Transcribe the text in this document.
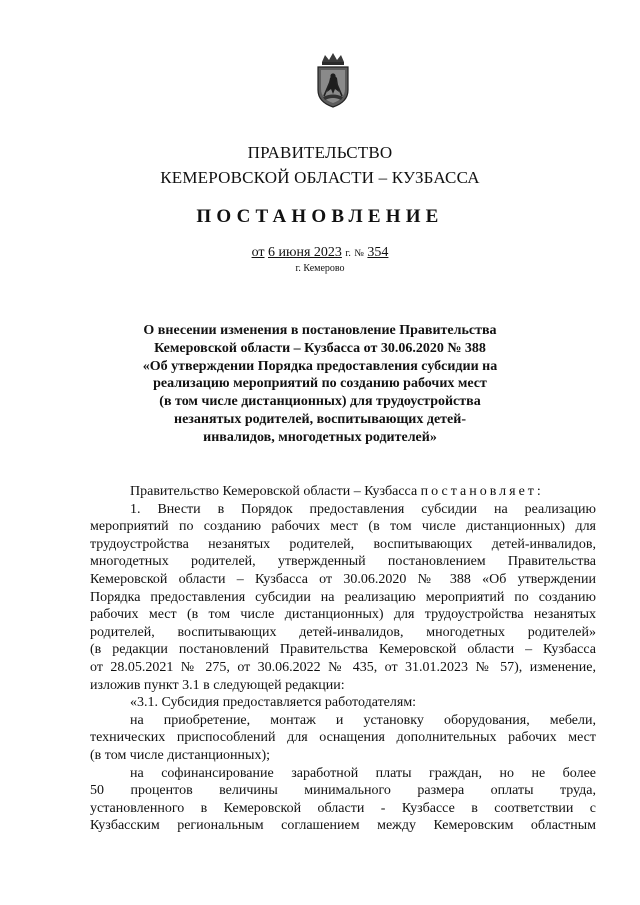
ПРАВИТЕЛЬСТВО
КЕМЕРОВСКОЙ ОБЛАСТИ – КУЗБАССА
ПОСТАНОВЛЕНИЕ
от 6 июня 2023 г. № 354
г. Кемерово
О внесении изменения в постановление Правительства
Кемеровской области – Кузбасса от 30.06.2020 № 388
«Об утверждении Порядка предоставления субсидии на
реализацию мероприятий по созданию рабочих мест
(в том числе дистанционных) для трудоустройства
незанятых родителей, воспитывающих детей-
инвалидов, многодетных родителей»
Правительство Кемеровской области – Кузбасса постановляет:
1. Внести в Порядок предоставления субсидии на реализацию
мероприятий по созданию рабочих мест (в том числе дистанционных) для
трудоустройства незанятых родителей, воспитывающих детей-инвалидов,
многодетных родителей, утвержденный постановлением Правительства
Кемеровской области – Кузбасса от 30.06.2020 № 388 «Об утверждении
Порядка предоставления субсидии на реализацию мероприятий по созданию
рабочих мест (в том числе дистанционных) для трудоустройства незанятых
родителей, воспитывающих детей-инвалидов, многодетных родителей»
(в редакции постановлений Правительства Кемеровской области – Кузбасса
от 28.05.2021 № 275, от 30.06.2022 № 435, от 31.01.2023 № 57), изменение,
изложив пункт 3.1 в следующей редакции:
«3.1. Субсидия предоставляется работодателям:
на приобретение, монтаж и установку оборудования, мебели,
технических приспособлений для оснащения дополнительных рабочих мест
(в том числе дистанционных);
на софинансирование заработной платы граждан, но не более
50 процентов величины минимального размера оплаты труда,
установленного в Кемеровской области - Кузбассе в соответствии с
Кузбасским региональным соглашением между Кемеровским областным
